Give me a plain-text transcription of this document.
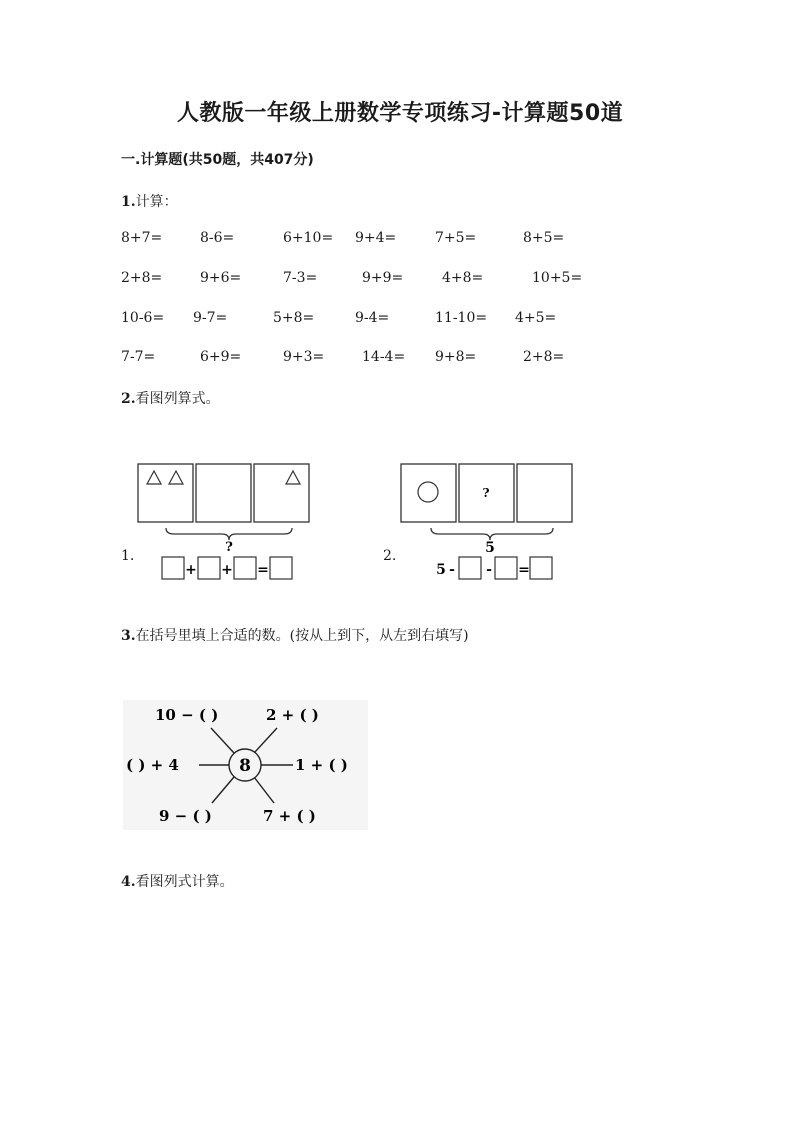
人教版一年级上册数学专项练习-计算题50道
一.计算题(共50题，共407分)
1.计算：
8+7=	8-6=	6+10= 9+4=	7+5=	8+5=
2+8=	9+6=	7-3=	9+9=	4+8=	10+5=
10-6= 9-7=	5+8=	9-4=	11-10= 4+5=
7-7=	6+9=	9+3=	14-4= 9+8=	2+8=
2.看图列算式。
1.
?
+ + =
2.
?
5
5 - - =
3.在括号里填上合适的数。(按从上到下，从左到右填写)
8
10 − ( )	2 + ( )
( ) + 4	1 + ( )
9 − ( )	7 + ( )
4.看图列式计算。
